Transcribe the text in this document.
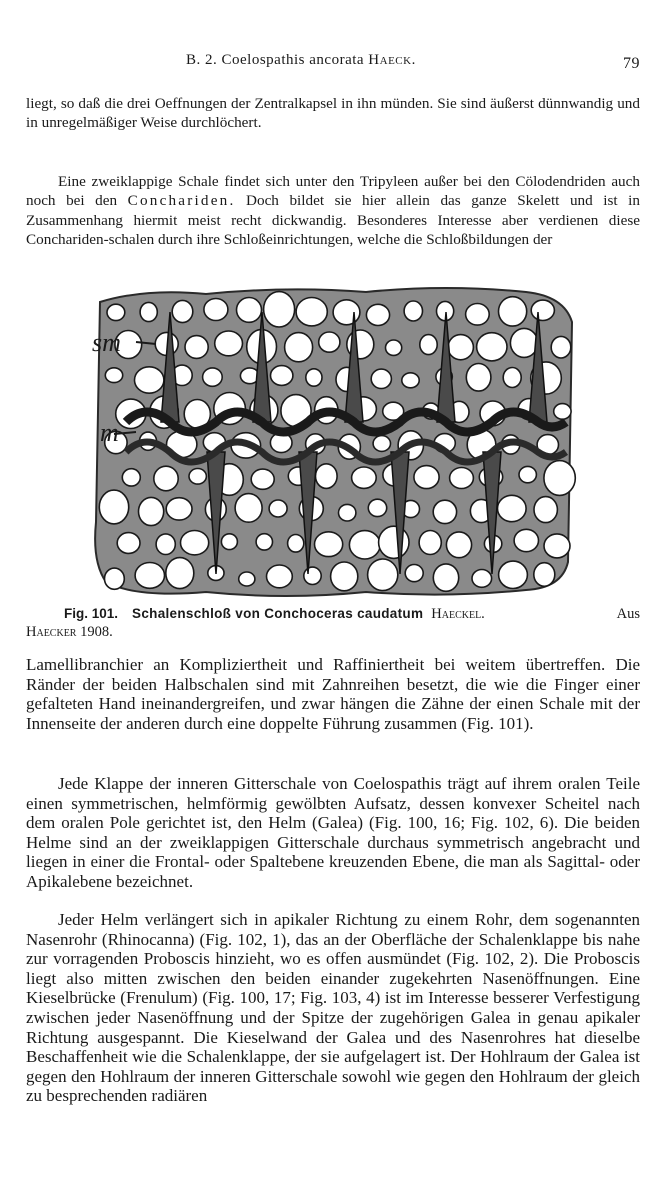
B. 2. Coelospathis ancorata Haeck.	79

liegt, so daß die drei Oeffnungen der Zentralkapsel in ihn münden. Sie sind äußerst dünnwandig und in unregelmäßiger Weise durchlöchert.

Eine zweiklappige Schale findet sich unter den Tripyleen außer bei den Cölodendriden auch noch bei den Conchariden. Doch bildet sie hier allein das ganze Skelett und ist in Zusammenhang hiermit meist recht dickwandig. Besonderes Interesse aber verdienen diese Conchariden-schalen durch ihre Schloßeinrichtungen, welche die Schloßbildungen der

sm
m

Fig. 101. Schalenschloß von Conchoceras caudatum Haeckel.	Aus

Haecker 1908.

Lamellibranchier an Kompliziertheit und Raffiniertheit bei weitem übertreffen. Die Ränder der beiden Halbschalen sind mit Zahnreihen besetzt, die wie die Finger einer gefalteten Hand ineinandergreifen, und zwar hängen die Zähne der einen Schale mit der Innenseite der anderen durch eine doppelte Führung zusammen (Fig. 101).

Jede Klappe der inneren Gitterschale von Coelospathis trägt auf ihrem oralen Teile einen symmetrischen, helmförmig gewölbten Aufsatz, dessen konvexer Scheitel nach dem oralen Pole gerichtet ist, den Helm (Galea) (Fig. 100, 16; Fig. 102, 6). Die beiden Helme sind an der zweiklappigen Gitterschale durchaus symmetrisch angebracht und liegen in einer die Frontal- oder Spaltebene kreuzenden Ebene, die man als Sagittal- oder Apikalebene bezeichnet.

Jeder Helm verlängert sich in apikaler Richtung zu einem Rohr, dem sogenannten Nasenrohr (Rhinocanna) (Fig. 102, 1), das an der Oberfläche der Schalenklappe bis nahe zur vorragenden Proboscis hinzieht, wo es offen ausmündet (Fig. 102, 2). Die Proboscis liegt also mitten zwischen den beiden einander zugekehrten Nasenöffnungen. Eine Kieselbrücke (Frenulum) (Fig. 100, 17; Fig. 103, 4) ist im Interesse besserer Verfestigung zwischen jeder Nasenöffnung und der Spitze der zugehörigen Galea in genau apikaler Richtung ausgespannt. Die Kieselwand der Galea und des Nasenrohres hat dieselbe Beschaffenheit wie die Schalenklappe, der sie aufgelagert ist. Der Hohlraum der Galea ist gegen den Hohlraum der inneren Gitterschale sowohl wie gegen den Hohlraum der gleich zu besprechenden radiären
